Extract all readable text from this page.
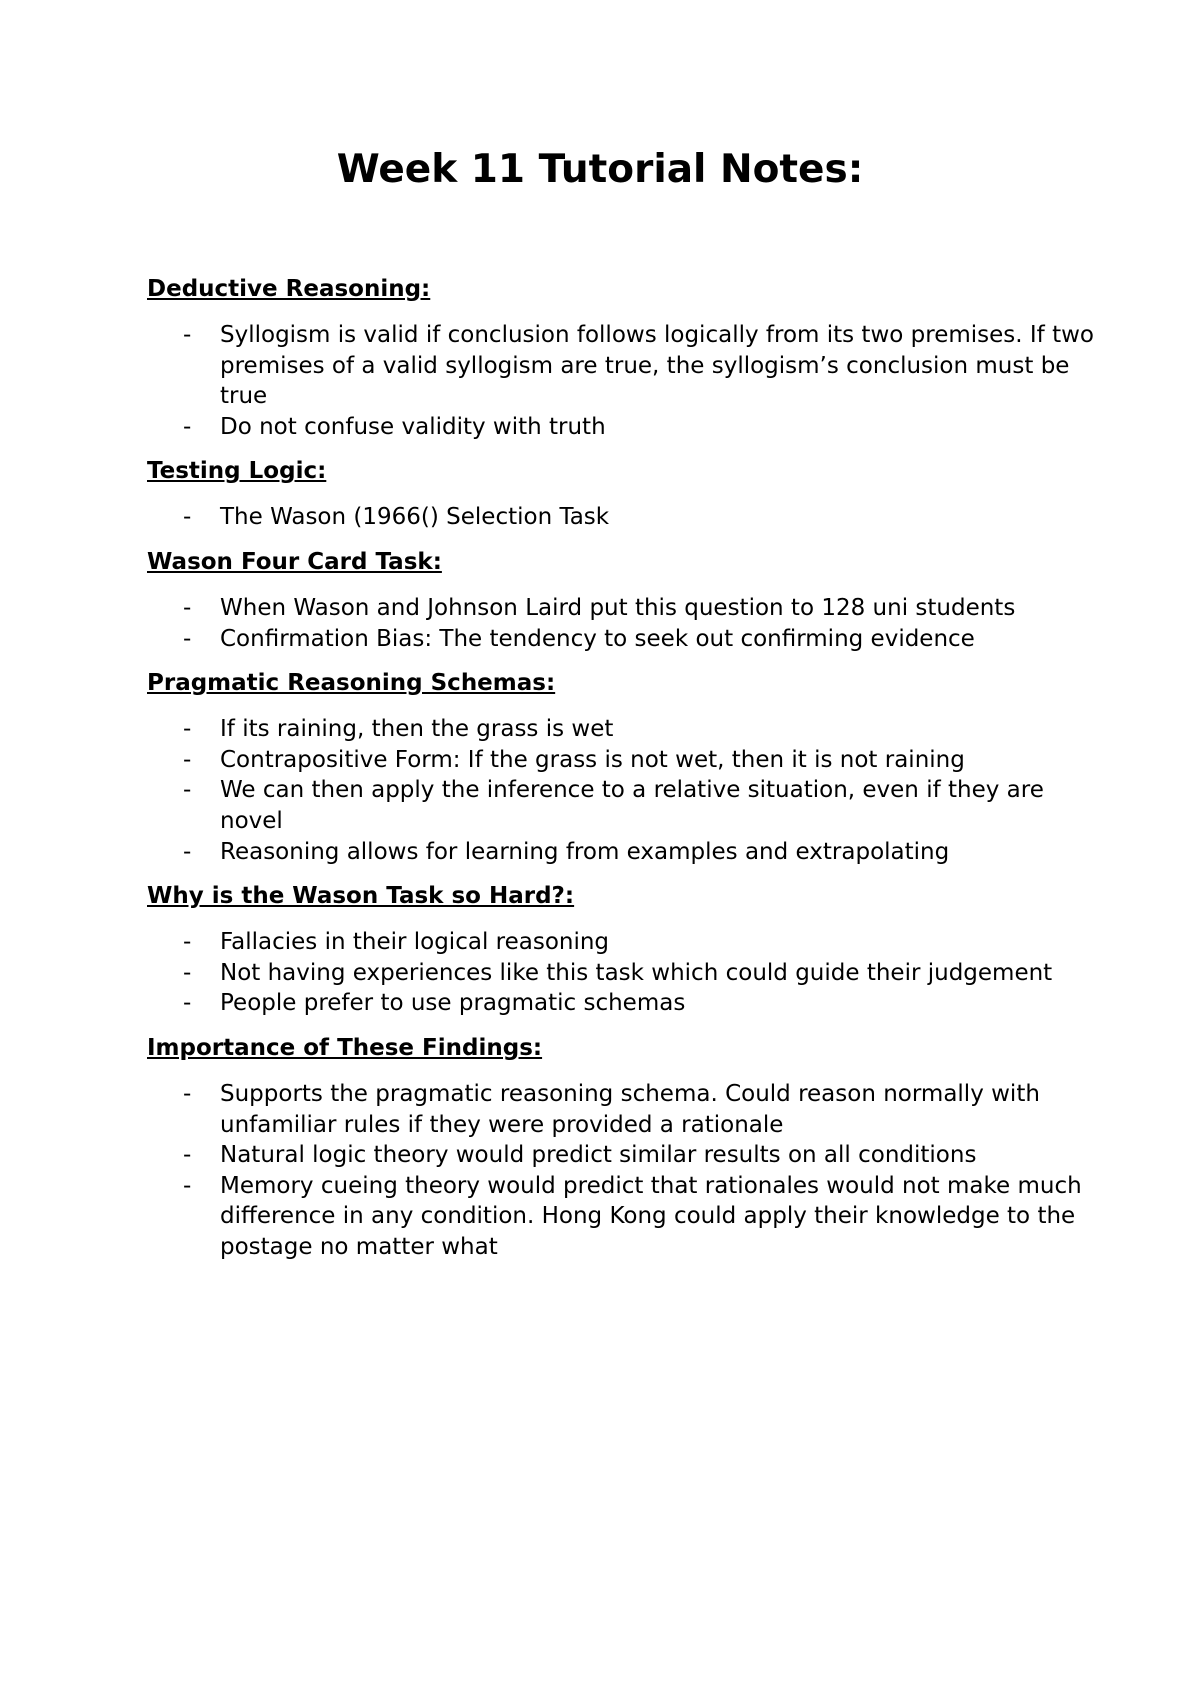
Week 11 Tutorial Notes:
Deductive Reasoning:
- Syllogism is valid if conclusion follows logically from its two premises. If two premises of a valid syllogism are true, the syllogism’s conclusion must be true
- Do not confuse validity with truth
Testing Logic:
- The Wason (1966() Selection Task
Wason Four Card Task:
- When Wason and Johnson Laird put this question to 128 uni students
- Confirmation Bias: The tendency to seek out confirming evidence
Pragmatic Reasoning Schemas:
- If its raining, then the grass is wet
- Contrapositive Form: If the grass is not wet, then it is not raining
- We can then apply the inference to a relative situation, even if they are novel
- Reasoning allows for learning from examples and extrapolating
Why is the Wason Task so Hard?:
- Fallacies in their logical reasoning
- Not having experiences like this task which could guide their judgement
- People prefer to use pragmatic schemas
Importance of These Findings:
- Supports the pragmatic reasoning schema. Could reason normally with unfamiliar rules if they were provided a rationale
- Natural logic theory would predict similar results on all conditions
- Memory cueing theory would predict that rationales would not make much difference in any condition. Hong Kong could apply their knowledge to the postage no matter what
